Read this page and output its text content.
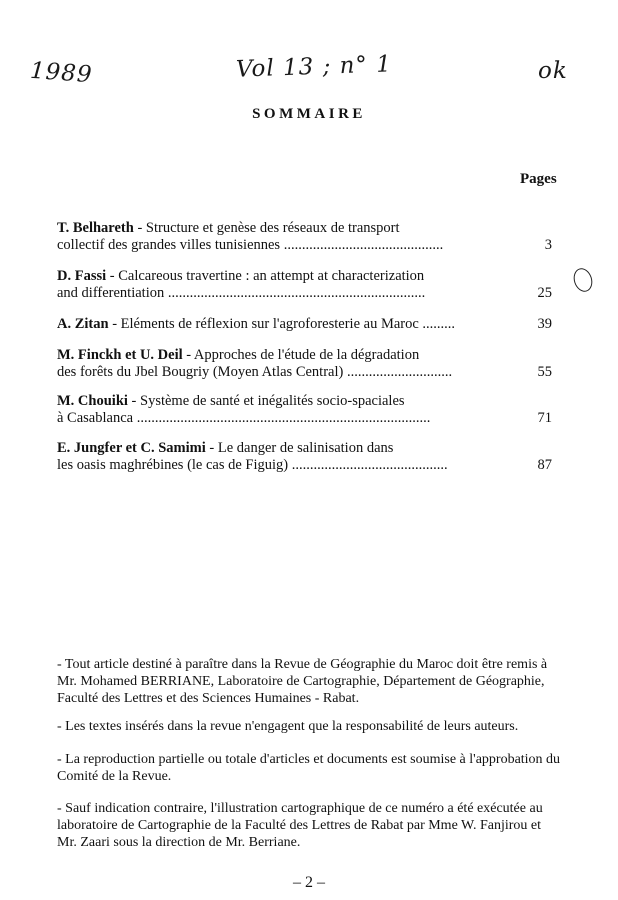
1989	Vol 13 ; n° 1	ok
SOMMAIRE
Pages
T. Belhareth - Structure et genèse des réseaux de transport
collectif des grandes villes tunisiennes ............................................	3
D. Fassi - Calcareous travertine : an attempt at characterization
and differentiation .......................................................................	25
A. Zitan - Eléments de réflexion sur l'agroforesterie au Maroc .........	39
M. Finckh et U. Deil - Approches de l'étude de la dégradation
des forêts du Jbel Bougriy (Moyen Atlas Central) .............................	55
M. Chouiki - Système de santé et inégalités socio-spaciales
à Casablanca .................................................................................	71
E. Jungfer et C. Samimi - Le danger de salinisation dans
les oasis maghrébines (le cas de Figuig) ...........................................	87
- Tout article destiné à paraître dans la Revue de Géographie du Maroc doit être remis à
Mr. Mohamed BERRIANE, Laboratoire de Cartographie, Département de Géographie,
Faculté des Lettres et des Sciences Humaines - Rabat.
- Les textes insérés dans la revue n'engagent que la responsabilité de leurs auteurs.
- La reproduction partielle ou totale d'articles et documents est soumise à l'approbation du
Comité de la Revue.
- Sauf indication contraire, l'illustration cartographique de ce numéro a été exécutée au
laboratoire de Cartographie de la Faculté des Lettres de Rabat par Mme W. Fanjirou et
Mr. Zaari sous la direction de Mr. Berriane.
– 2 –
